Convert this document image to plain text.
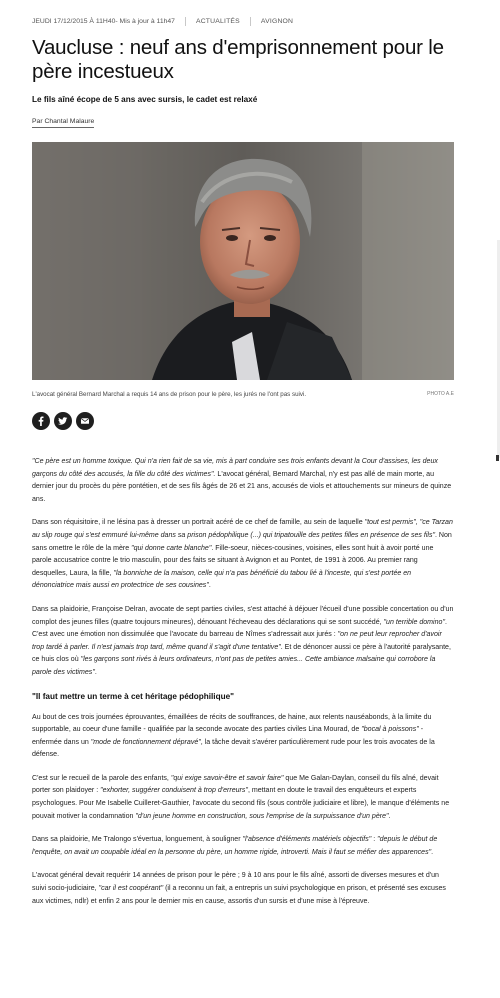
JEUDI 17/12/2015 À 11H40 - Mis à jour à 11h47	ACTUALITÉS	AVIGNON
Vaucluse : neuf ans d'emprisonnement pour le père incestueux
Le fils aîné écope de 5 ans avec sursis, le cadet est relaxé
Par Chantal Malaure
L'avocat général Bernard Marchal a requis 14 ans de prison pour le père, les jurés ne l'ont pas suivi.	PHOTO A.E

"Ce père est un homme toxique. Qui n'a rien fait de sa vie, mis à part conduire ses trois enfants devant la Cour d'assises, les deux garçons du côté des accusés, la fille du côté des victimes". L'avocat général, Bernard Marchal, n'y est pas allé de main morte, au dernier jour du procès du père pontétien, et de ses fils âgés de 26 et 21 ans, accusés de viols et attouchements sur mineurs de quinze ans.

Dans son réquisitoire, il ne lésina pas à dresser un portrait acéré de ce chef de famille, au sein de laquelle "tout est permis", "ce Tarzan au slip rouge qui s'est emmuré lui-même dans sa prison pédophilique (...) qui tripatouille des petites filles en présence de ses fils". Non sans omettre le rôle de la mère "qui donne carte blanche". Fille-soeur, nièces-cousines, voisines, elles sont huit à avoir porté une parole accusatrice contre le trio masculin, pour des faits se situant à Avignon et au Pontet, de 1991 à 2006. Au premier rang desquelles, Laura, la fille, "la bonniche de la maison, celle qui n'a pas bénéficié du tabou lié à l'inceste, qui s'est portée en dénonciatrice mais aussi en protectrice de ses cousines".

Dans sa plaidoirie, Françoise Delran, avocate de sept parties civiles, s'est attaché à déjouer l'écueil d'une possible concertation ou d'un complot des jeunes filles (quatre toujours mineures), dénouant l'écheveau des déclarations qui se sont succédé, "un terrible domino". C'est avec une émotion non dissimulée que l'avocate du barreau de Nîmes s'adressait aux jurés : "on ne peut leur reprocher d'avoir trop tardé à parler. Il n'est jamais trop tard, même quand il s'agit d'une tentative". Et de dénoncer aussi ce père à l'autorité paralysante, ce huis clos où "les garçons sont rivés à leurs ordinateurs, n'ont pas de petites amies... Cette ambiance malsaine qui corrobore la parole des victimes".

"Il faut mettre un terme à cet héritage pédophilique"

Au bout de ces trois journées éprouvantes, émaillées de récits de souffrances, de haine, aux relents nauséabonds, à la limite du supportable, au coeur d'une famille - qualifiée par la seconde avocate des parties civiles Lina Mourad, de "bocal à poissons" - enfermée dans un "mode de fonctionnement dépravé", la tâche devait s'avérer particulièrement rude pour les trois avocates de la défense.

C'est sur le recueil de la parole des enfants, "qui exige savoir-être et savoir faire" que Me Galan-Daylan, conseil du fils aîné, devait porter son plaidoyer : "exhorter, suggérer conduisent à trop d'erreurs", mettant en doute le travail des enquêteurs et experts psychologues. Pour Me Isabelle Cuilleret-Gauthier, l'avocate du second fils (sous contrôle judiciaire et libre), le manque d'éléments ne pouvait motiver la condamnation "d'un jeune homme en construction, sous l'emprise de la surpuissance d'un père".

Dans sa plaidoirie, Me Tralongo s'évertua, longuement, à souligner "l'absence d'éléments matériels objectifs" : "depuis le début de l'enquête, on avait un coupable idéal en la personne du père, un homme rigide, introverti. Mais il faut se méfier des apparences".

L'avocat général devait requérir 14 années de prison pour le père ; 9 à 10 ans pour le fils aîné, assorti de diverses mesures et d'un suivi socio-judiciaire, "car il est coopérant" (il a reconnu un fait, a entrepris un suivi psychologique en prison, et présenté ses excuses aux victimes, ndlr) et enfin 2 ans pour le dernier mis en cause, assortis d'un sursis et d'une mise à l'épreuve.
